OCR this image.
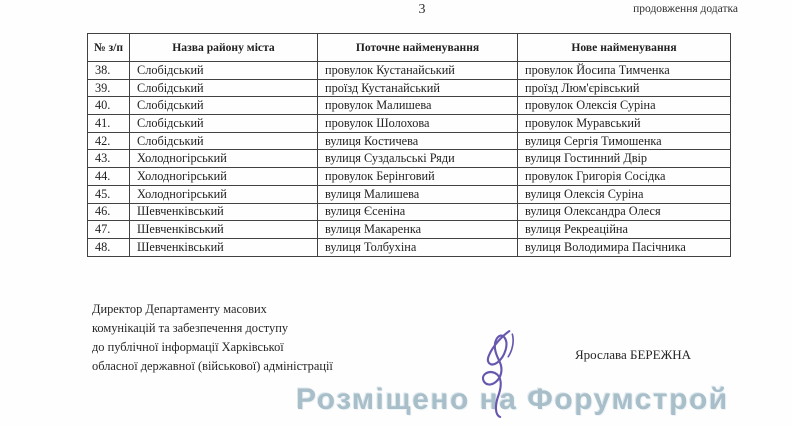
3	продовження додатка
№ з/п	Назва району міста	Поточне найменування	Нове найменування
38.	Слобідський	провулок Кустанайський	провулок Йосипа Тимченка
39.	Слобідський	проїзд Кустанайський	проїзд Люм'єрівський
40.	Слобідський	провулок Малишева	провулок Олексія Суріна
41.	Слобідський	провулок Шолохова	провулок Муравський
42.	Слобідський	вулиця Костичева	вулиця Сергія Тимошенка
43.	Холодногірський	вулиця Суздальські Ряди	вулиця Гостинний Двір
44.	Холодногірський	провулок Берінговий	провулок Григорія Сосідка
45.	Холодногірський	вулиця Малишева	вулиця Олексія Суріна
46.	Шевченківський	вулиця Єсеніна	вулиця Олександра Олеся
47.	Шевченківський	вулиця Макаренка	вулиця Рекреаційна
48.	Шевченківський	вулиця Толбухіна	вулиця Володимира Пасічника
Директор Департаменту масових
комунікацій та забезпечення доступу
до публічної інформації Харківської
обласної державної (військової) адміністрації
Розміщено на Форумстрой
Ярослава БЕРЕЖНА
